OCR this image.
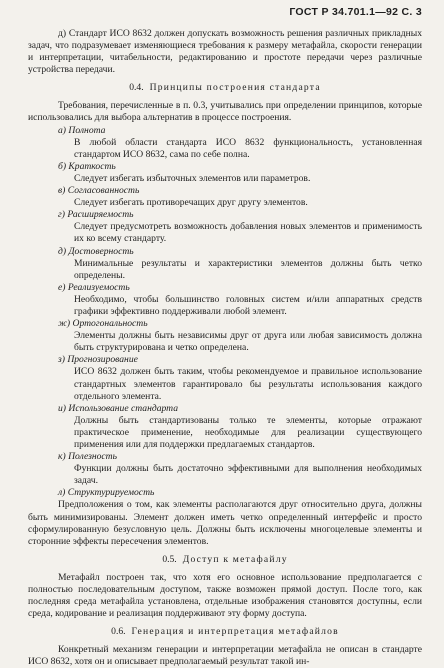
ГОСТ Р 34.701.1—92 С. 3

д) Стандарт ИСО 8632 должен допускать возможность решения различных прикладных задач, что подразумевает изменяющиеся требования к размеру метафайла, скорости генерации и интерпретации, читабельности, редактированию и простоте передачи через различные устройства передачи.

0.4. Принципы построения стандарта

Требования, перечисленные в п. 0.3, учитывались при определении принципов, которые использовались для выбора альтернатив в процессе построения.

а) Полнота

В любой области стандарта ИСО 8632 функциональность, установленная стандартом ИСО 8632, сама по себе полна.

б) Краткость

Следует избегать избыточных элементов или параметров.

в) Согласованность

Следует избегать противоречащих друг другу элементов.

г) Расширяемость

Следует предусмотреть возможность добавления новых элементов и применимость их ко всему стандарту.

д) Достоверность

Минимальные результаты и характеристики элементов должны быть четко определены.

е) Реализуемость

Необходимо, чтобы большинство головных систем и/или аппаратных средств графики эффективно поддерживали любой элемент.

ж) Ортогональность

Элементы должны быть независимы друг от друга или любая зависимость должна быть структурирована и четко определена.

з) Прогнозирование

ИСО 8632 должен быть таким, чтобы рекомендуемое и правильное использование стандартных элементов гарантировало бы результаты использования каждого отдельного элемента.

и) Использование стандарта

Должны быть стандартизованы только те элементы, которые отражают практическое применение, необходимые для реализации существующего применения или для поддержки предлагаемых стандартов.

к) Полезность

Функции должны быть достаточно эффективными для выполнения необходимых задач.

л) Структурируемость

Предположения о том, как элементы располагаются друг относительно друга, должны быть минимизированы. Элемент должен иметь четко определенный интерфейс и просто сформулированную безусловную цель. Должны быть исключены многоцелевые элементы и сторонние эффекты пересечения элементов.

0.5. Доступ к метафайлу

Метафайл построен так, что хотя его основное использование предполагается с полностью последовательным доступом, также возможен прямой доступ. После того, как последняя среда метафайла установлена, отдельные изображения становятся доступны, если среда, кодирование и реализация поддерживают эту форму доступа.

0.6. Генерация и интерпретация метафайлов

Конкретный механизм генерации и интерпретации метафайла не описан в стандарте ИСО 8632, хотя он и описывает предполагаемый результат такой ин-
